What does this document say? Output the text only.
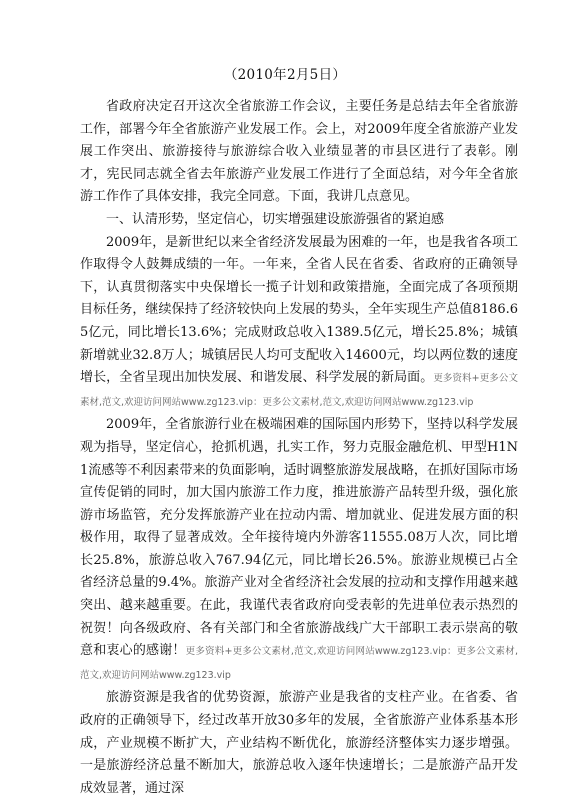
（2010年2月5日）

省政府决定召开这次全省旅游工作会议，主要任务是总结去年全省旅游工作，部署今年全省旅游产业发展工作。会上，对2009年度全省旅游产业发展工作突出、旅游接待与旅游综合收入业绩显著的市县区进行了表彰。刚才，宪民同志就全省去年旅游产业发展工作进行了全面总结，对今年全省旅游工作作了具体安排，我完全同意。下面，我讲几点意见。

一、认清形势，坚定信心，切实增强建设旅游强省的紧迫感

2009年，是新世纪以来全省经济发展最为困难的一年，也是我省各项工作取得令人鼓舞成绩的一年。一年来，全省人民在省委、省政府的正确领导下，认真贯彻落实中央保增长一揽子计划和政策措施，全面完成了各项预期目标任务，继续保持了经济较快向上发展的势头，全年实现生产总值8186.65亿元，同比增长13.6%；完成财政总收入1389.5亿元，增长25.8%；城镇新增就业32.8万人；城镇居民人均可支配收入14600元，均以两位数的速度增长，全省呈现出加快发展、和谐发展、科学发展的新局面。更多资料+更多公文素材,范文,欢迎访问网站www.zg123.vip：更多公文素材,范文,欢迎访问网站www.zg123.vip

2009年，全省旅游行业在极端困难的国际国内形势下，坚持以科学发展观为指导，坚定信心，抢抓机遇，扎实工作，努力克服金融危机、甲型H1N1流感等不利因素带来的负面影响，适时调整旅游发展战略，在抓好国际市场宣传促销的同时，加大国内旅游工作力度，推进旅游产品转型升级，强化旅游市场监管，充分发挥旅游产业在拉动内需、增加就业、促进发展方面的积极作用，取得了显著成效。全年接待境内外游客11555.08万人次，同比增长25.8%，旅游总收入767.94亿元，同比增长26.5%。旅游业规模已占全省经济总量的9.4%。旅游产业对全省经济社会发展的拉动和支撑作用越来越突出、越来越重要。在此，我谨代表省政府向受表彰的先进单位表示热烈的祝贺！向各级政府、各有关部门和全省旅游战线广大干部职工表示崇高的敬意和衷心的感谢！更多资料+更多公文素材,范文,欢迎访问网站www.zg123.vip：更多公文素材,范文,欢迎访问网站www.zg123.vip

旅游资源是我省的优势资源，旅游产业是我省的支柱产业。在省委、省政府的正确领导下，经过改革开放30多年的发展，全省旅游产业体系基本形成，产业规模不断扩大，产业结构不断优化，旅游经济整体实力逐步增强。一是旅游经济总量不断加大，旅游总收入逐年快速增长；二是旅游产品开发成效显著，通过深
